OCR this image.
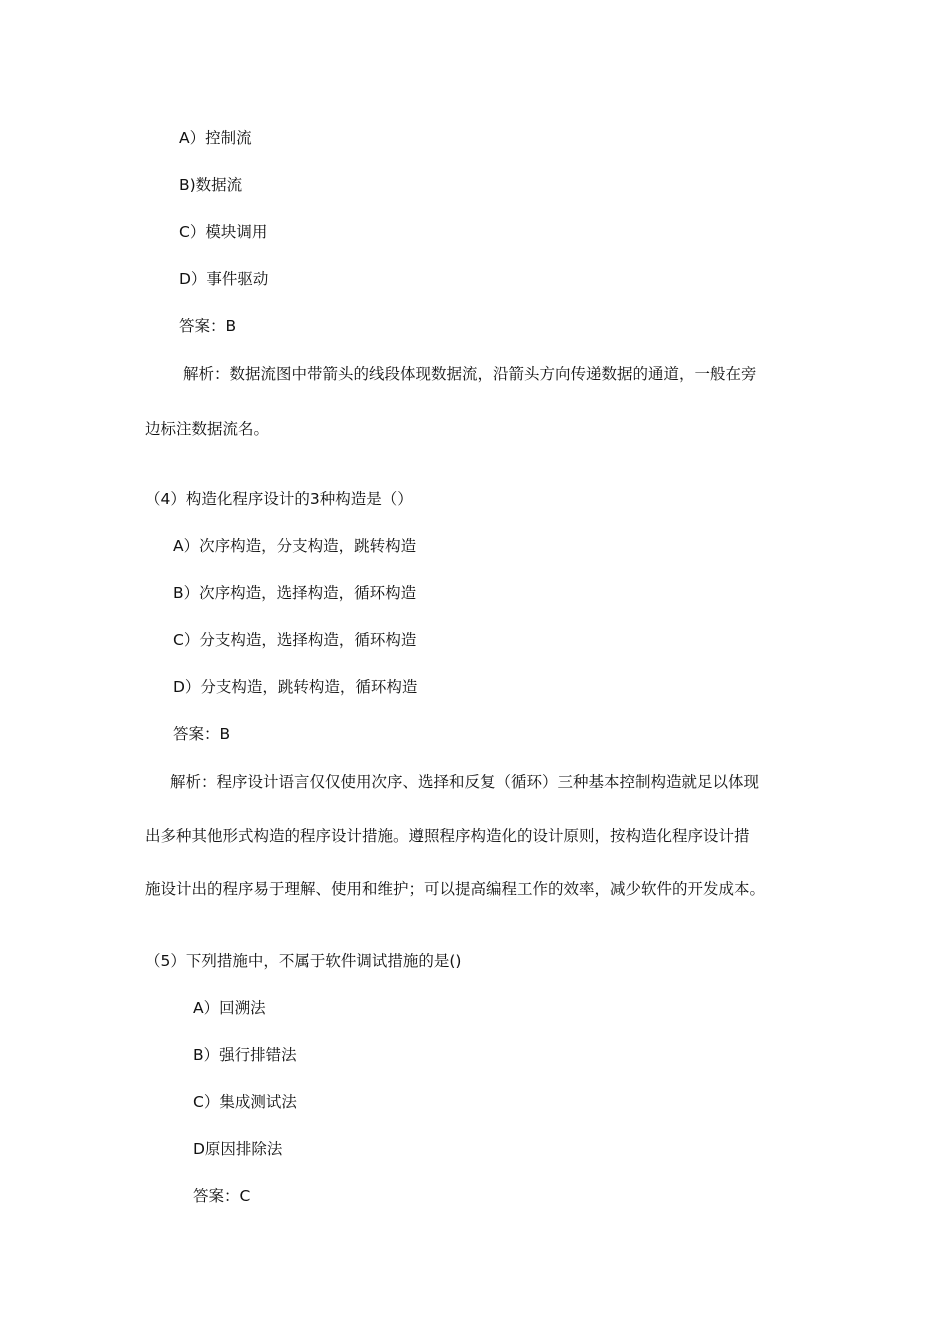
A）控制流
B)数据流
C）模块调用
D）事件驱动
答案：B
解析：数据流图中带箭头的线段体现数据流，沿箭头方向传递数据的通道，一般在旁
边标注数据流名。
（4）构造化程序设计的3种构造是（）
A）次序构造，分支构造，跳转构造
B）次序构造，选择构造，循环构造
C）分支构造，选择构造，循环构造
D）分支构造，跳转构造，循环构造
答案：B
解析：程序设计语言仅仅使用次序、选择和反复（循环）三种基本控制构造就足以体现
出多种其他形式构造的程序设计措施。遵照程序构造化的设计原则，按构造化程序设计措
施设计出的程序易于理解、使用和维护；可以提高编程工作的效率，减少软件的开发成本。
（5）下列措施中，不属于软件调试措施的是()
A）回溯法
B）强行排错法
C）集成测试法
D原因排除法
答案：C
